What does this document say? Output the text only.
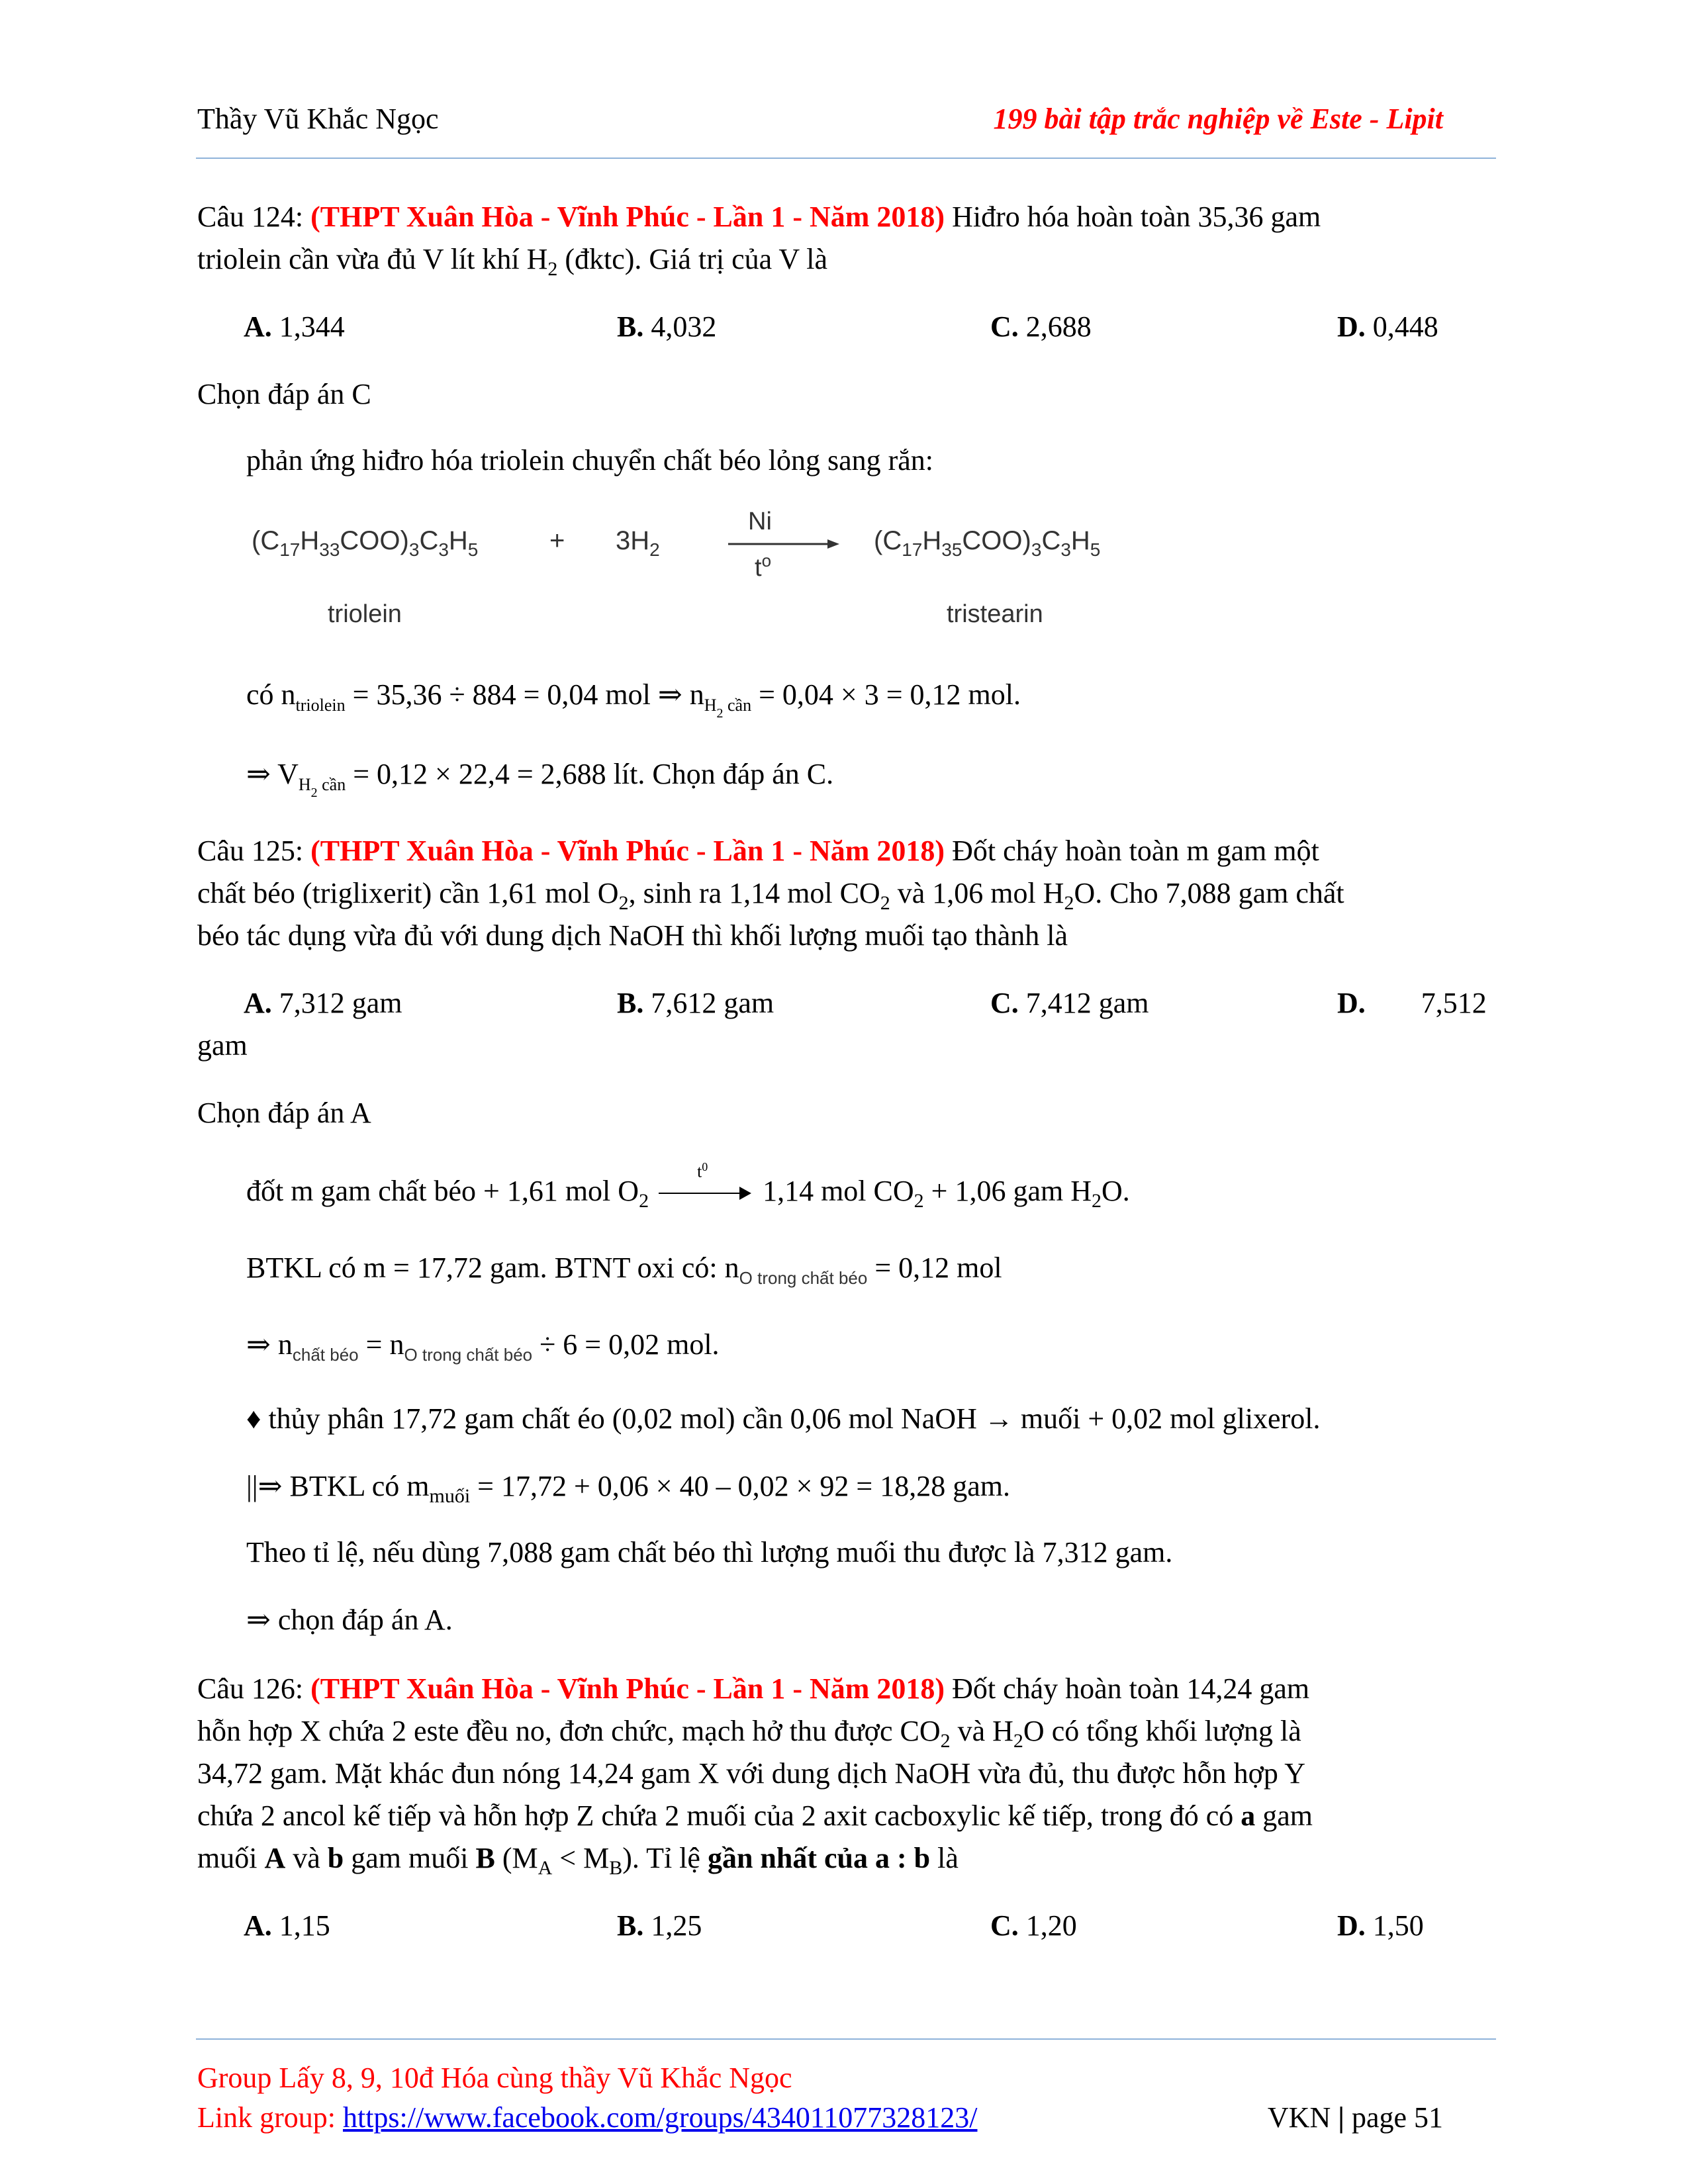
Thầy Vũ Khắc Ngọc	199 bài tập trắc nghiệp về Este - Lipit
Câu 124: (THPT Xuân Hòa - Vĩnh Phúc - Lần 1 - Năm 2018) Hiđro hóa hoàn toàn 35,36 gam
triolein cần vừa đủ V lít khí $H_2$ (đktc). Giá trị của V là
A. 1,344	B. 4,032	C. 2,688	D. 0,448
Chọn đáp án C
phản ứng hiđro hóa triolein chuyển chất béo lỏng sang rắn:
$(C_{17}H_{33}COO)_3C_3H_5$	+ $3H_2$
Ni
$t^o$
$(C_{17}H_{35}COO)_3C_3H_5$
triolein	tristearin
có $n_{triolein} = 35,36 \div 884 = 0,04$ mol ⇒ $n_{H_2 cần} = 0,04 \times 3 = 0,12$ mol.
⇒ $V_{H_2 cần} = 0,12 \times 22,4 = 2,688$ lít. Chọn đáp án C.
Câu 125: (THPT Xuân Hòa - Vĩnh Phúc - Lần 1 - Năm 2018) Đốt cháy hoàn toàn m gam một
chất béo (triglixerit) cần 1,61 mol $O_2$, sinh ra 1,14 mol $CO_2$ và 1,06 mol $H_2O$. Cho 7,088 gam chất
béo tác dụng vừa đủ với dung dịch NaOH thì khối lượng muối tạo thành là
A. 7,312 gam	B. 7,612 gam	C. 7,412 gam	D. 7,512
gam
Chọn đáp án A
đốt m gam chất béo + 1,61 mol $O_2$
$t^0$
1,14 mol $CO_2 + 1,06$ gam $H_2O$.
BTKL có m = 17,72 gam. BTNT oxi có: $n_{O trong chất béo} = 0,12$ mol
⇒ $n_{chất béo} = n_{O trong chất béo} \div 6 = 0,02$ mol.
♦ thủy phân 17,72 gam chất éo (0,02 mol) cần 0,06 mol NaOH → muối + 0,02 mol glixerol.
||⇒ BTKL có $m_{muối} = 17,72 + 0,06 \times 40 - 0,02 \times 92 = 18,28$ gam.
Theo tỉ lệ, nếu dùng 7,088 gam chất béo thì lượng muối thu được là 7,312 gam.
⇒ chọn đáp án A.
Câu 126: (THPT Xuân Hòa - Vĩnh Phúc - Lần 1 - Năm 2018) Đốt cháy hoàn toàn 14,24 gam
hỗn hợp X chứa 2 este đều no, đơn chức, mạch hở thu được $CO_2$ và $H_2O$ có tổng khối lượng là
34,72 gam. Mặt khác đun nóng 14,24 gam X với dung dịch NaOH vừa đủ, thu được hỗn hợp Y
chứa 2 ancol kế tiếp và hỗn hợp Z chứa 2 muối của 2 axit cacboxylic kế tiếp, trong đó có a gam
muối A và b gam muối B $(M_A < M_B)$. Tỉ lệ gần nhất của a : b là
A. 1,15	B. 1,25	C. 1,20	D. 1,50
Group Lấy 8, 9, 10đ Hóa cùng thầy Vũ Khắc Ngọc
Link group: https://www.facebook.com/groups/434011077328123/	VKN | page 51
